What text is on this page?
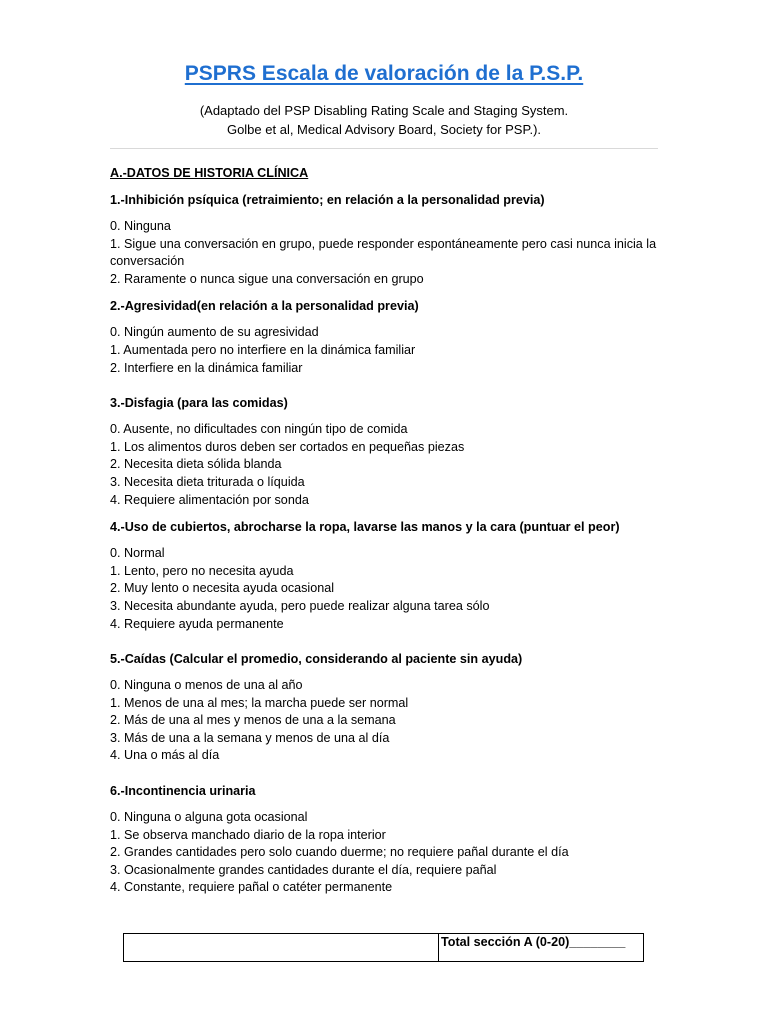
PSPRS Escala de valoración de la P.S.P.
(Adaptado del PSP Disabling Rating Scale and Staging System.
Golbe et al, Medical Advisory Board, Society for PSP.).
A.-DATOS DE HISTORIA CLÍNICA
1.-Inhibición psíquica (retraimiento; en relación a la personalidad previa)
0. Ninguna
1. Sigue una conversación en grupo, puede responder espontáneamente pero casi nunca inicia la conversación
2. Raramente o nunca sigue una conversación en grupo
2.-Agresividad(en relación a la personalidad previa)
0. Ningún aumento de su agresividad
1. Aumentada pero no interfiere en la dinámica familiar
2. Interfiere en la dinámica familiar
3.-Disfagia (para las comidas)
0. Ausente, no dificultades con ningún tipo de comida
1. Los alimentos duros deben ser cortados en pequeñas piezas
2. Necesita dieta sólida blanda
3. Necesita dieta triturada o líquida
4. Requiere alimentación por sonda
4.-Uso de cubiertos, abrocharse la ropa, lavarse las manos y la cara (puntuar el peor)
0. Normal
1. Lento, pero no necesita ayuda
2. Muy lento o necesita ayuda ocasional
3. Necesita abundante ayuda, pero puede realizar alguna tarea sólo
4. Requiere ayuda permanente
5.-Caídas (Calcular el promedio, considerando al paciente sin ayuda)
0. Ninguna o menos de una al año
1. Menos de una al mes; la marcha puede ser normal
2. Más de una al mes y menos de una a la semana
3. Más de una a la semana y menos de una al día
4. Una o más al día
6.-Incontinencia urinaria
0. Ninguna o alguna gota ocasional
1. Se observa manchado diario de la ropa interior
2. Grandes cantidades pero solo cuando duerme; no requiere pañal durante el día
3. Ocasionalmente grandes cantidades durante el día, requiere pañal
4. Constante, requiere pañal o catéter permanente
Total sección A (0-20)________
